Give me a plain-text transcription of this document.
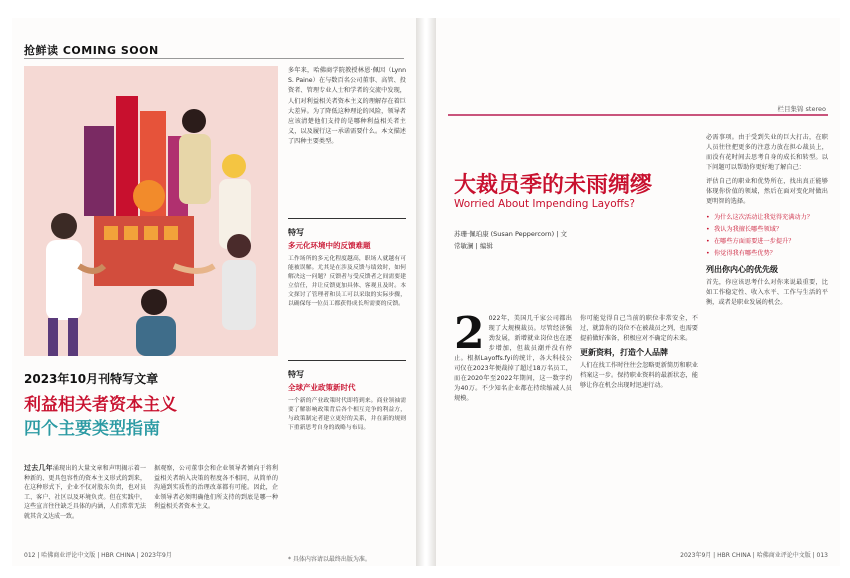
抢鲜读 COMING SOON
多年来，哈佛商学院教授林恩·佩因（Lynn S. Paine）在与数百名公司董事、高管、投资者、管理专业人士和学者的交流中发现，人们对利益相关者资本主义的理解存在着巨大差异。为了降低这种理论的风险，领导者应该清楚他们支持的是哪种利益相关者主义，以及履行这一承诺需要什么。本文描述了四种主要类型。
特写
多元化环境中的反馈难题
工作场所的多元化程度越高，职场人就越有可能被误解。尤其是在涉及反馈与绩效时，如何解决这一问题？反馈者与受反馈者之间需要建立信任，并让反馈更加具体、客观且及时。本文探讨了管理者和员工可以采取的实际步骤，以确保每一位员工都获得成长所需要的反馈。
特写
全球产业政策新时代
一个新的产业政策时代即将到来。商业领袖需要了解影响政策背后各个相互竞争的利益方，与政策制定者建立更好的关系，并在新的规则下重新思考自身的战略与布局。
2023年10月刊特写文章
利益相关者资本主义
四个主要类型指南
过去几年涌现出的大量文章和声明揭示着一种新的、更具包容性的资本主义形式的到来，在这种形式下，企业不仅对股东负责，也对员工、客户、社区以及环境负责。但在实践中，这些宣言往往缺乏具体的内涵，人们常常无法就其含义达成一致。
据观察，公司董事会和企业领导者倾向于将利益相关者纳入决策的程度各不相同，从简单的沟通到实质性的治理改革都有可能。因此，企业领导者必须明确他们所支持的到底是哪一种利益相关者资本主义。
* 具体内容请以最终出版为准。
012 | 哈佛商业评论中文版 | HBR CHINA | 2023年9月
栏目集锦 stereo
大裁员季的未雨绸缪
Worried About Impending Layoffs?
苏珊·佩珀康 (Susan Peppercorn) | 文
常敏澜 | 编辑
2 022年，美国几千家公司都出现了大规模裁员。尽管经济强劲发展，新增就业岗位也在逐步增加，但裁员潮并没有停止。根据Layoffs.fyi的统计，各大科技公司仅在2023年便裁掉了超过18万名员工，而在2020年至2022年期间，这一数字约为40万。不少知名企业都在持续缩减人员规模。

你可能觉得自己当前的职位非常安全，不过，就算你的岗位不在被裁员之列，也需要提前做好准备，积极应对不确定的未来。

更新资料，打造个人品牌

人们在找工作时往往会忽略更新简历和职业档案这一步。保持职业资料的最新状态，能够让你在机会出现时迅速行动。

必需事项。由于受到失业的巨大打击，在职人员往往把更多的注意力放在担心裁员上，而没有花时间去思考自身的成长和转型。以下问题可以帮助你更好地了解自己：

评估自己的职业和优势所在，找出真正能够体现你价值的领域，然后在面对变化时做出更明智的选择。

• 为什么这次活动让我觉得充满动力？
• 我认为我擅长哪些领域？
• 在哪些方面需要进一步提升？
• 你觉得我有哪些优势？
列出你内心的优先级

首先，你应该思考什么对你来说最重要，比如工作稳定性、收入水平、工作与生活的平衡，或者是职业发展的机会。

2023年9月 | HBR CHINA | 哈佛商业评论中文版 | 013
